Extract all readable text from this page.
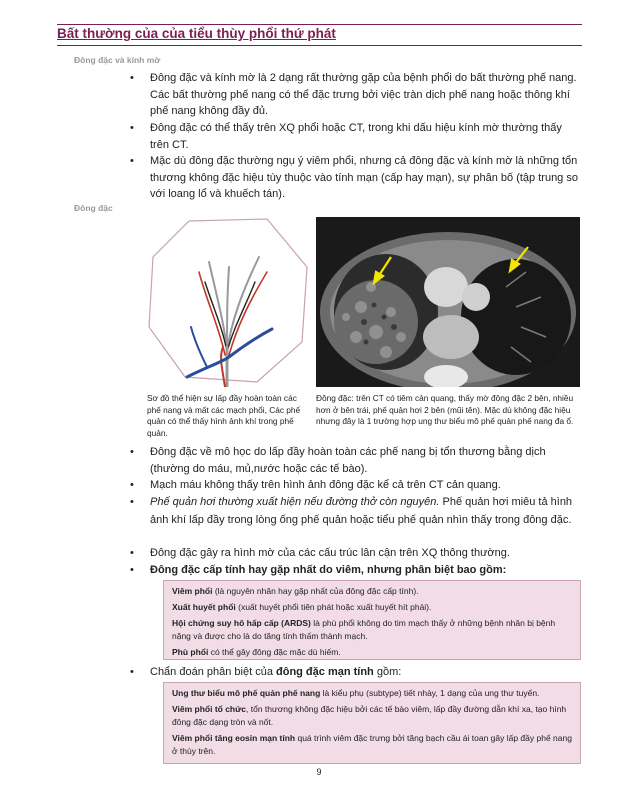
Bất thường của của tiểu thùy phổi thứ phát
Đông đặc và kính mờ
• Đông đặc và kính mờ là 2 dạng rất thường gặp của bệnh phổi do bất thường phế nang. Các bất thường phế nang có thể đặc trưng bởi việc tràn dịch phế nang hoặc thông khí phế nang không đầy đủ.
• Đông đặc có thể thấy trên XQ phổi hoặc CT, trong khi dấu hiệu kính mờ thường thấy trên CT.
• Mặc dù đông đặc thường ngụ ý viêm phổi, nhưng cả đông đặc và kính mờ là những tổn thương không đặc hiệu tùy thuộc vào tính mạn (cấp hay mạn), sự phân bố (tập trung so với loang lổ và khuếch tán).
Đông đặc
Sơ đồ thể hiện sự lấp đầy hoàn toàn các phế nang và mất các mạch phổi, Các phế quản có thể thấy hình ảnh khí trong phế quản.
Đông đặc: trên CT có tiêm cản quang, thấy mờ đông đặc 2 bên, nhiều hơn ở bên trái, phế quản hơi 2 bên (mũi tên). Mặc dù không đặc hiệu nhưng đây là 1 trường hợp ung thư biểu mô phế quản phế nang đa ổ.
• Đông đặc về mô học do lấp đầy hoàn toàn các phế nang bị tổn thương bằng dịch (thường do máu, mủ,nước hoặc các tế bào).
• Mạch máu không thấy trên hình ảnh đông đặc kể cả trên CT cản quang.
• Phế quản hơi thường xuất hiện nếu đường thở còn nguyên. Phế quản hơi miêu tả hình ảnh khí lấp đầy trong lòng ống phế quản hoặc tiểu phế quản nhìn thấy trong đông đặc.
• Đông đặc gây ra hình mờ của các cấu trúc lân cận trên XQ thông thường.
• Đông đặc cấp tính hay gặp nhất do viêm, nhưng phân biệt bao gồm:

Viêm phổi (là nguyên nhân hay gặp nhất của đông đặc cấp tính).

Xuất huyết phổi (xuất huyết phổi tiên phát hoặc xuất huyết hít phải).

Hội chứng suy hô hấp cấp (ARDS) là phù phổi không do tim mạch thấy ở những bệnh nhân bị bệnh nặng và được cho là do tăng tính thấm thành mạch.

Phù phổi có thể gây đông đặc mặc dù hiếm.

• Chẩn đoán phân biệt của đông đặc mạn tính gồm:

Ung thư biểu mô phế quản phế nang là kiểu phụ (subtype) tiết nhày, 1 dạng của ung thư tuyến.

Viêm phổi tổ chức, tổn thương không đặc hiệu bởi các tế bào viêm, lấp đầy đường dẫn khí xa, tạo hình đông đặc dạng tròn và nốt.

Viêm phổi tăng eosin mạn tính quá trình viêm đặc trưng bởi tăng bạch cầu ái toan gây lấp đầy phế nang ở thùy trên.

9
